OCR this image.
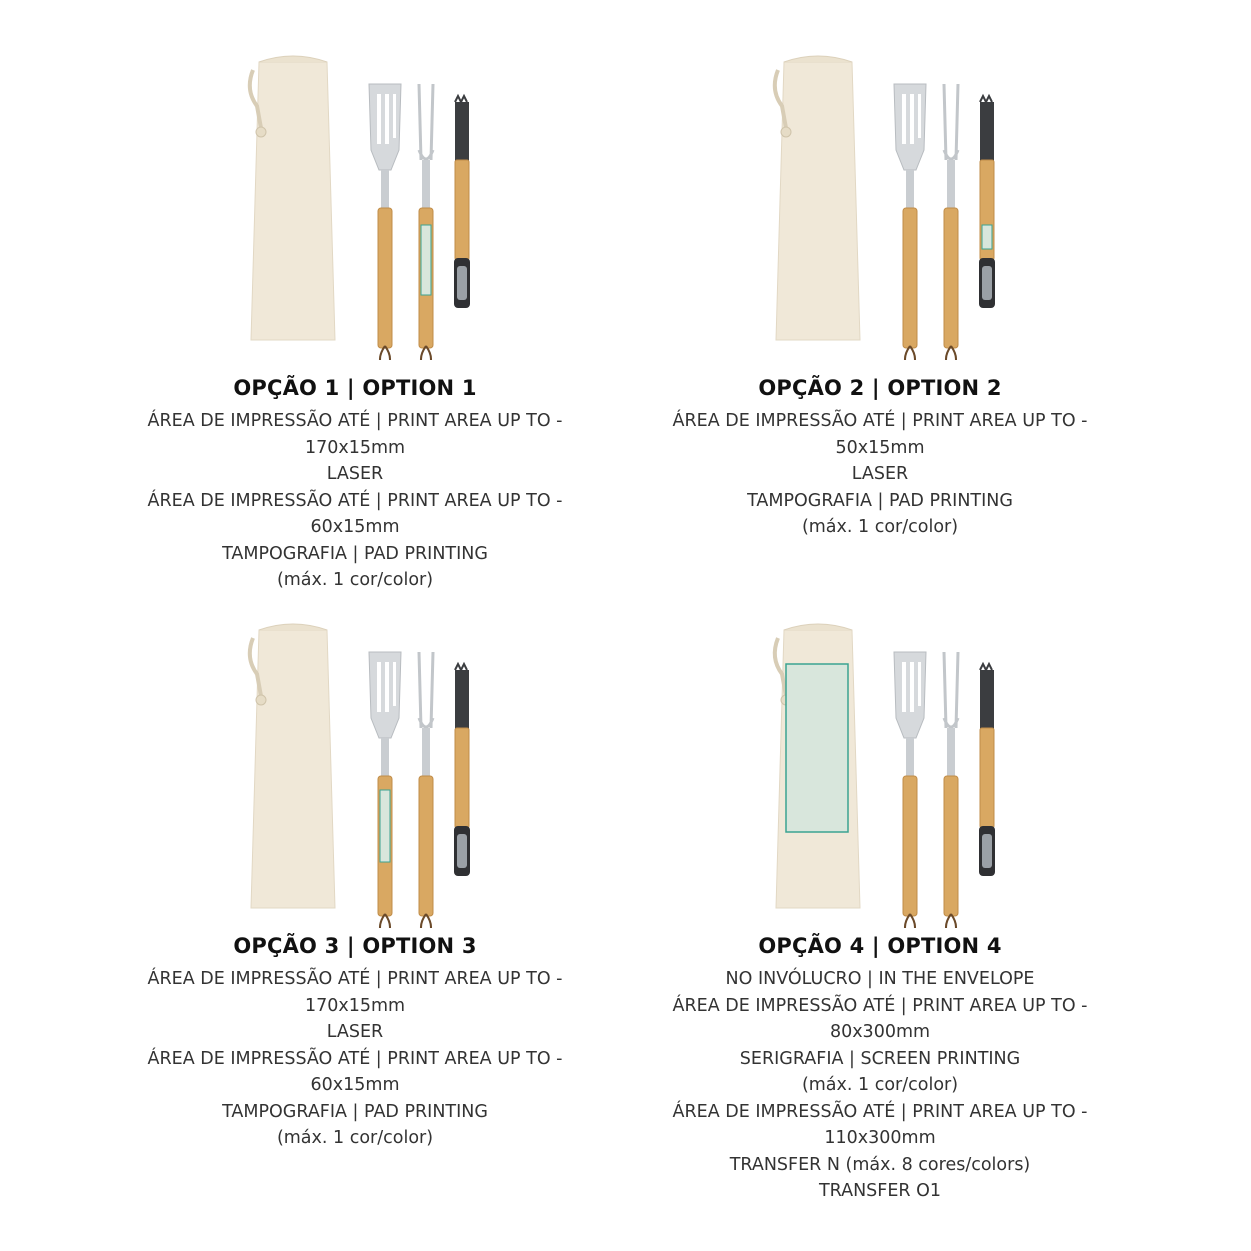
OPÇÃO 1 | OPTION 1

ÁREA DE IMPRESSÃO ATÉ | PRINT AREA UP TO -

170x15mm

LASER

ÁREA DE IMPRESSÃO ATÉ | PRINT AREA UP TO -

60x15mm

TAMPOGRAFIA | PAD PRINTING

(máx. 1 cor/color)

OPÇÃO 2 | OPTION 2

ÁREA DE IMPRESSÃO ATÉ | PRINT AREA UP TO -

50x15mm

LASER

TAMPOGRAFIA | PAD PRINTING

(máx. 1 cor/color)

OPÇÃO 3 | OPTION 3

ÁREA DE IMPRESSÃO ATÉ | PRINT AREA UP TO -

170x15mm

LASER

ÁREA DE IMPRESSÃO ATÉ | PRINT AREA UP TO -

60x15mm

TAMPOGRAFIA | PAD PRINTING

(máx. 1 cor/color)

OPÇÃO 4 | OPTION 4

NO INVÓLUCRO | IN THE ENVELOPE

ÁREA DE IMPRESSÃO ATÉ | PRINT AREA UP TO -

80x300mm

SERIGRAFIA | SCREEN PRINTING

(máx. 1 cor/color)

ÁREA DE IMPRESSÃO ATÉ | PRINT AREA UP TO -

110x300mm

TRANSFER N (máx. 8 cores/colors)

TRANSFER O1
